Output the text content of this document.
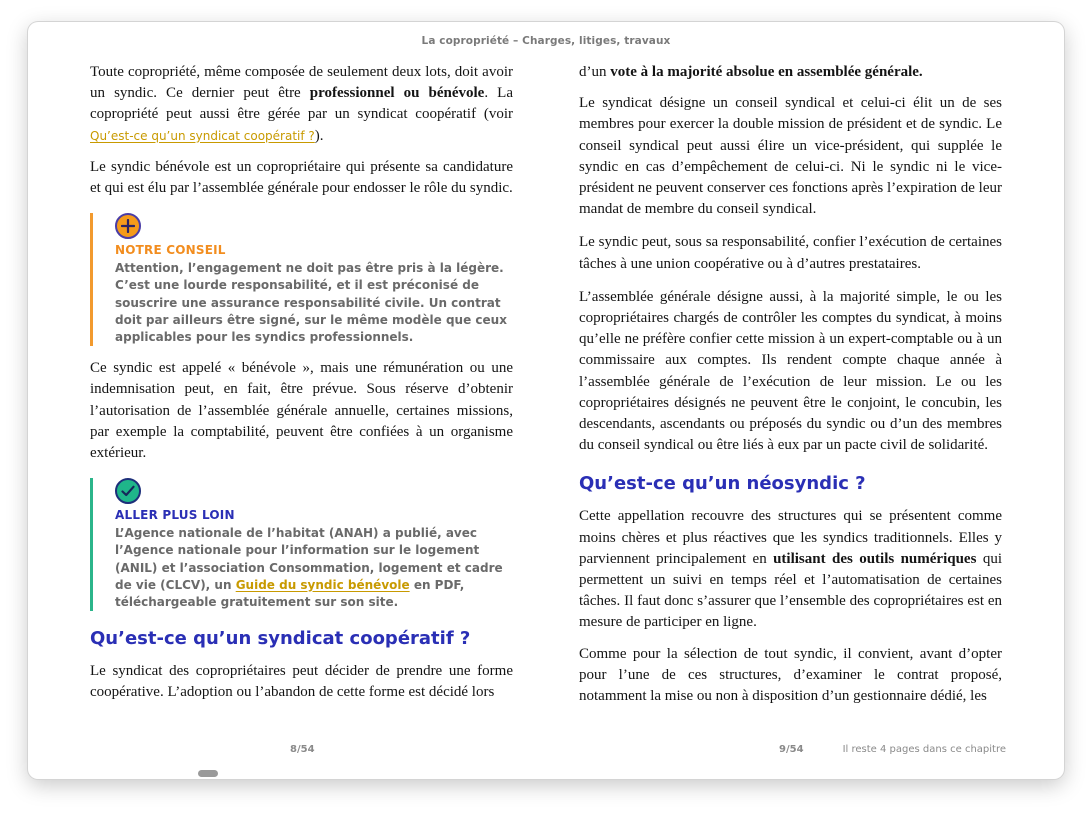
La copropriété – Charges, litiges, travaux

Toute copropriété, même composée de seulement deux lots, doit avoir un syndic. Ce dernier peut être professionnel ou bénévole. La copropriété peut aussi être gérée par un syndicat coopératif (voir Qu’est-ce qu’un syndicat coopératif ?).

Le syndic bénévole est un copropriétaire qui présente sa candidature et qui est élu par l’assemblée générale pour endosser le rôle du syndic.

NOTRE CONSEIL
Attention, l’engagement ne doit pas être pris à la légère. C’est une lourde responsabilité, et il est préconisé de souscrire une assurance responsabilité civile. Un contrat doit par ailleurs être signé, sur le même modèle que ceux applicables pour les syndics professionnels.

Ce syndic est appelé « bénévole », mais une rémunération ou une indemnisation peut, en fait, être prévue. Sous réserve d’obtenir l’autorisation de l’assemblée générale annuelle, certaines missions, par exemple la comptabilité, peuvent être confiées à un organisme extérieur.

ALLER PLUS LOIN
L’Agence nationale de l’habitat (ANAH) a publié, avec l’Agence nationale pour l’information sur le logement (ANIL) et l’association Consommation, logement et cadre de vie (CLCV), un Guide du syndic bénévole en PDF, téléchargeable gratuitement sur son site.
Qu’est-ce qu’un syndicat coopératif ?

Le syndicat des copropriétaires peut décider de prendre une forme coopérative. L’adoption ou l’abandon de cette forme est décidé lors

d’un vote à la majorité absolue en assemblée générale.

Le syndicat désigne un conseil syndical et celui-ci élit un de ses membres pour exercer la double mission de président et de syndic. Le conseil syndical peut aussi élire un vice-président, qui supplée le syndic en cas d’empêchement de celui-ci. Ni le syndic ni le vice-président ne peuvent conserver ces fonctions après l’expiration de leur mandat de membre du conseil syndical.

Le syndic peut, sous sa responsabilité, confier l’exécution de certaines tâches à une union coopérative ou à d’autres prestataires.

L’assemblée générale désigne aussi, à la majorité simple, le ou les copropriétaires chargés de contrôler les comptes du syndicat, à moins qu’elle ne préfère confier cette mission à un expert-comptable ou à un commissaire aux comptes. Ils rendent compte chaque année à l’assemblée générale de l’exécution de leur mission. Le ou les copropriétaires désignés ne peuvent être le conjoint, le concubin, les descendants, ascendants ou préposés du syndic ou d’un des membres du conseil syndical ou être liés à eux par un pacte civil de solidarité.

Qu’est-ce qu’un néosyndic ?

Cette appellation recouvre des structures qui se présentent comme moins chères et plus réactives que les syndics traditionnels. Elles y parviennent principalement en utilisant des outils numériques qui permettent un suivi en temps réel et l’automatisation de certaines tâches. Il faut donc s’assurer que l’ensemble des copropriétaires est en mesure de participer en ligne.

Comme pour la sélection de tout syndic, il convient, avant d’opter pour l’une de ces structures, d’examiner le contrat proposé, notamment la mise ou non à disposition d’un gestionnaire dédié, les

8/54	9/54	Il reste 4 pages dans ce chapitre
